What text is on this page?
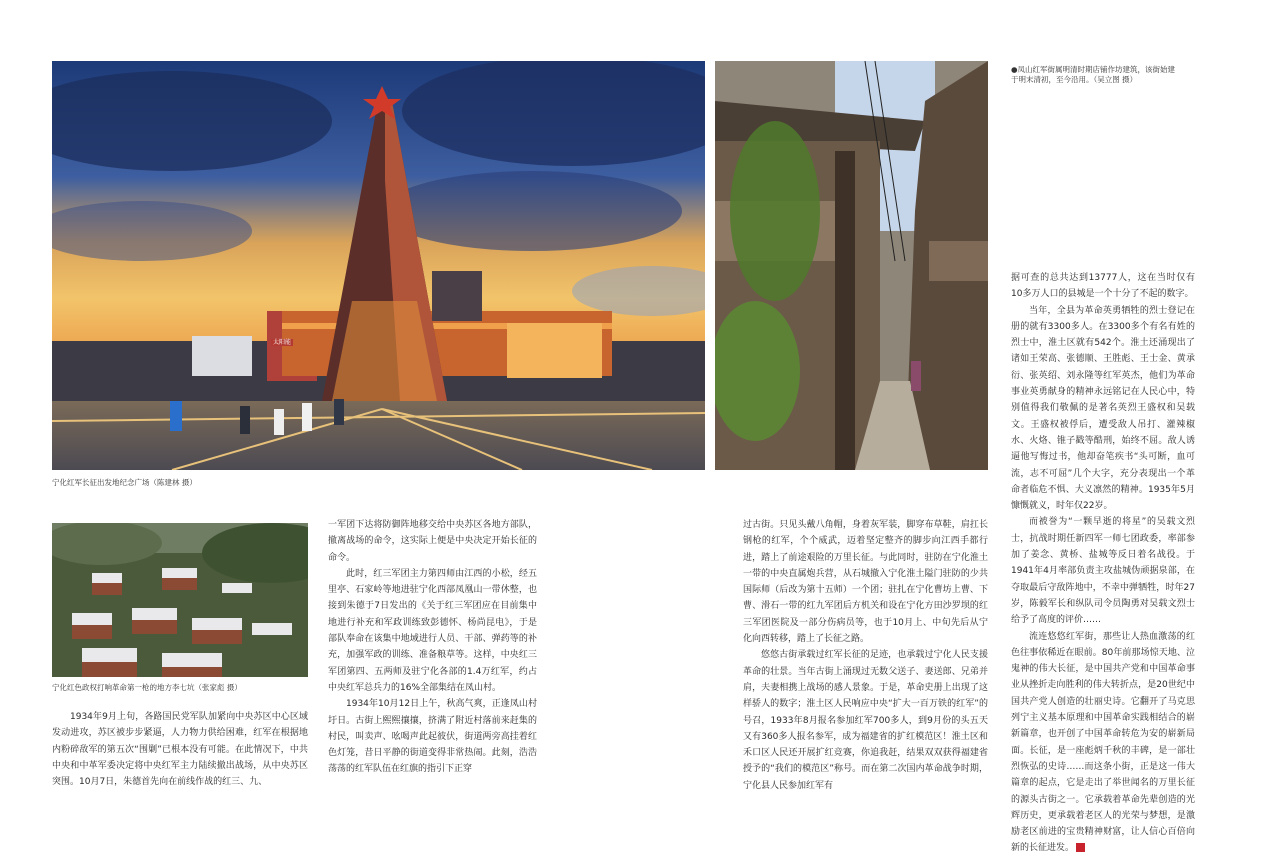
太阳能
宁化红军长征出发地纪念广场（陈建林 摄）
●凤山红军街属明清时期店铺作坊建筑，该街始建于明末清初，至今沿用。（吴立图 摄）
宁化红色政权打响革命第一枪的地方李七坑（张家彪 摄）

1934年9月上旬，各路国民党军队加紧向中央苏区中心区域发动进攻，苏区被步步紧逼，人力物力供给困难，红军在根据地内粉碎敌军的第五次“围剿”已根本没有可能。在此情况下，中共中央和中革军委决定将中央红军主力陆续撤出战场，从中央苏区突围。10月7日，朱德首先向在前线作战的红三、九、

一军团下达将防御阵地移交给中央苏区各地方部队，撤离战场的命令，这实际上便是中央决定开始长征的命令。

此时，红三军团主力第四师由江西的小松，经五里亭、石家岭等地进驻宁化西部凤凰山一带休整，也接到朱德于7日发出的《关于红三军团应在目前集中地进行补充和军政训练致彭德怀、杨尚昆电》，于是部队奉命在该集中地域进行人员、干部、弹药等的补充，加强军政的训练、准备粮草等。这样，中央红三军团第四、五两师及驻宁化各部的1.4万红军，约占中央红军总兵力的16%全部集结在凤山村。

1934年10月12日上午，秋高气爽，正逢凤山村圩日。古街上熙熙攘攘，挤满了附近村落前来赶集的村民，叫卖声、吆喝声此起彼伏，街道两旁高挂着红色灯笼，昔日平静的街道变得非常热闹。此刻，浩浩荡荡的红军队伍在红旗的指引下正穿

过古街。只见头戴八角帽，身着灰军装，脚穿布草鞋，肩扛长钢枪的红军，个个威武，迈着坚定整齐的脚步向江西手都行进，踏上了前途艰险的万里长征。与此同时，驻防在宁化淮土一带的中央直属炮兵营，从石城撤入宁化淮土隘门驻防的少共国际师（后改为第十五师）一个团；驻扎在宁化曹坊上曹、下曹、滑石一带的红九军团后方机关和设在宁化方田沙罗坝的红三军团医院及一部分伤病员等，也于10月上、中旬先后从宁化向西转移，踏上了长征之路。

悠悠古街承载过红军长征的足迹，也承载过宁化人民支援革命的壮景。当年古街上涌现过无数父送子、妻送郎、兄弟并肩，夫妻相携上战场的感人景象。于是，革命史册上出现了这样骄人的数字；淮土区人民响应中央“扩大一百万铁的红军”的号召，1933年8月报名参加红军700多人，到9月份的头五天又有360多人报名参军，成为福建省的扩红模范区！淮土区和禾口区人民还开展扩红竞赛，你追我赶，结果双双获得福建省授予的“我们的模范区”称号。而在第二次国内革命战争时期，宁化县人民参加红军有

据可查的总共达到13777人，这在当时仅有10多万人口的县城是一个十分了不起的数字。

当年，全县为革命英勇牺牲的烈士登记在册的就有3300多人。在3300多个有名有姓的烈士中，淮土区就有542个。淮土还涌现出了诸如王荣高、张德顺、王胜彪、王士金、黄承衍、张英绍、刘永隆等红军英杰，他们为革命事业英勇献身的精神永远铭记在人民心中，特别值得我们敬佩的是著名英烈王盛权和吴载文。王盛权被俘后，遭受敌人吊打、灌辣椒水、火烙、锥子戳等酷刑，始终不屈。敌人诱逼他写悔过书，他却奋笔疾书“头可断，血可流，志不可屈”几个大字，充分表现出一个革命者临危不惧、大义凛然的精神。1935年5月慷慨就义，时年仅22岁。

而被誉为“一颗早逝的将星”的吴载文烈士，抗战时期任新四军一师七团政委，率部参加了姜念、黄桥、盐城等反日着名战役。于1941年4月率部负责主攻盐城伪顽据泉部，在夺取最后守敌阵地中，不幸中弹牺牲，时年27岁，陈毅军长和纵队司令员陶勇对吴载文烈士给予了高度的评价……

流连悠悠红军街，那些让人热血激荡的红色往事依稀近在眼前。80年前那场惊天地、泣鬼神的伟大长征，是中国共产党和中国革命事业从挫折走向胜利的伟大转折点，是20世纪中国共产党人创造的壮丽史诗。它翻开了马克思列宁主义基本原理和中国革命实践相结合的崭新篇章，也开创了中国革命转危为安的崭新局面。长征，是一座彪炳千秋的丰碑，是一部壮烈恢弘的史诗……而这条小街，正是这一伟大篇章的起点，它是走出了举世闻名的万里长征的源头古街之一。它承载着革命先辈创造的光辉历史，更承载着老区人的光荣与梦想，是激励老区前进的宝贵精神财富，让人信心百倍向新的长征进发。	J
